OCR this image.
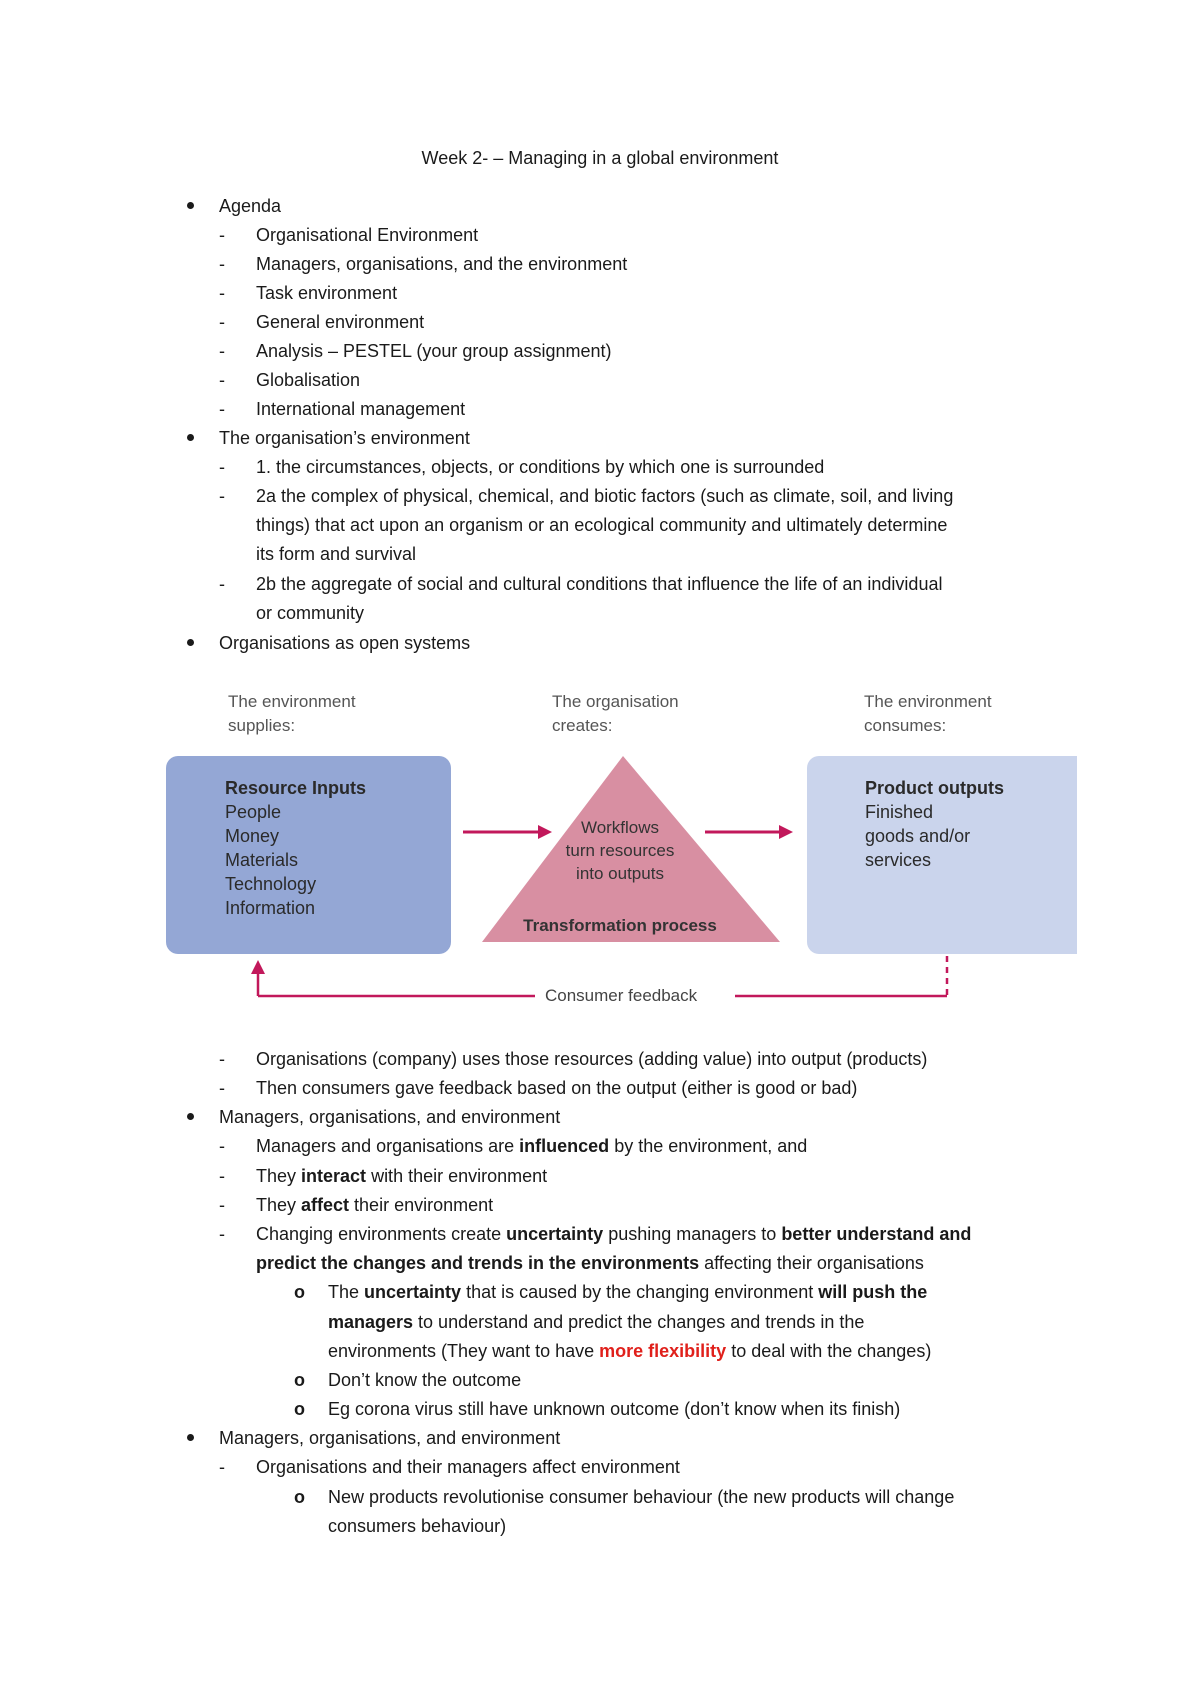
Week 2- – Managing in a global environment
Agenda
- Organisational Environment
- Managers, organisations, and the environment
- Task environment
- General environment
- Analysis – PESTEL (your group assignment)
- Globalisation
- International management
The organisation’s environment
- 1. the circumstances, objects, or conditions by which one is surrounded
- 2a the complex of physical, chemical, and biotic factors (such as climate, soil, and living
things) that act upon an organism or an ecological community and ultimately determine
its form and survival
- 2b the aggregate of social and cultural conditions that influence the life of an individual
or community
Organisations as open systems
The environment
supplies:
The organisation
creates:
The environment
consumes:
Resource Inputs
People
Money
Materials
Technology
Information
Workflows
turn resources
into outputs
Transformation process
Product outputs
Finished
goods and/or
services
Consumer feedback
- Organisations (company) uses those resources (adding value) into output (products)
- Then consumers gave feedback based on the output (either is good or bad)
Managers, organisations, and environment
- Managers and organisations are influenced by the environment, and
- They interact with their environment
- They affect their environment
- Changing environments create uncertainty pushing managers to better understand and
predict the changes and trends in the environments affecting their organisations
o The uncertainty that is caused by the changing environment will push the
managers to understand and predict the changes and trends in the
environments (They want to have more flexibility to deal with the changes)
o Don’t know the outcome
o Eg corona virus still have unknown outcome (don’t know when its finish)
Managers, organisations, and environment
- Organisations and their managers affect environment
o New products revolutionise consumer behaviour (the new products will change
consumers behaviour)
